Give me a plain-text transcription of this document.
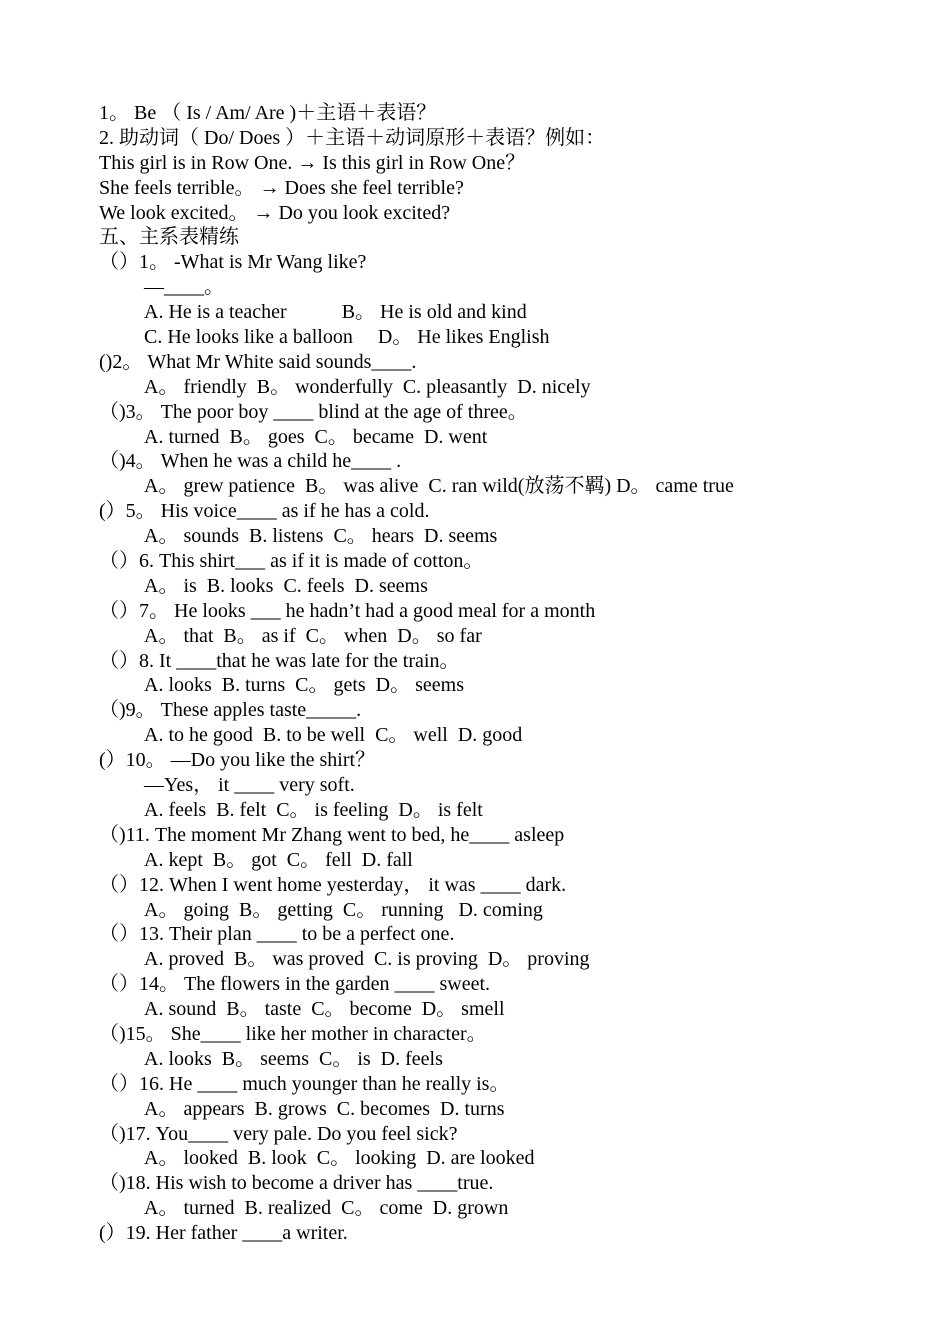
1。 Be （ Is / Am/ Are )＋主语＋表语？
2. 助动词（ Do/ Does ）＋主语＋动词原形＋表语？例如：
This girl is in Row One. → Is this girl in Row One？
She feels terrible。 → Does she feel terrible?
We look excited。 → Do you look excited?
五、主系表精练
（）1。 -What is Mr Wang like?
—____。
A. He is a teacher           B。 He is old and kind
C. He looks like a balloon     D。 He likes English
()2。 What Mr White said sounds____.
A。 friendly  B。 wonderfully  C. pleasantly  D. nicely
（)3。 The poor boy ____ blind at the age of three。
A. turned  B。 goes  C。 became  D. went
（)4。 When he was a child he____ .
A。 grew patience  B。 was alive  C. ran wild(放荡不羁) D。 came true
(）5。 His voice____ as if he has a cold.
A。 sounds  B. listens  C。 hears  D. seems
（）6. This shirt___ as if it is made of cotton。
A。 is  B. looks  C. feels  D. seems
（）7。 He looks ___ he hadn’t had a good meal for a month
A。 that  B。 as if  C。 when  D。 so far
（）8. It ____that he was late for the train。
A. looks  B. turns  C。 gets  D。 seems
（)9。 These apples taste_____.
A. to he good  B. to be well  C。 well  D. good
(）10。 —Do you like the shirt？
—Yes， it ____ very soft.
A. feels  B. felt  C。 is feeling  D。 is felt
（)11. The moment Mr Zhang went to bed, he____ asleep
A. kept  B。 got  C。 fell  D. fall
（）12. When I went home yesterday， it was ____ dark.
A。 going  B。 getting  C。 running   D. coming
（）13. Their plan ____ to be a perfect one.
A. proved  B。 was proved  C. is proving  D。 proving
（）14。 The flowers in the garden ____ sweet.
A. sound  B。 taste  C。 become  D。 smell
（)15。 She____ like her mother in character。
A. looks  B。 seems  C。 is  D. feels
（）16. He ____ much younger than he really is。
A。 appears  B. grows  C. becomes  D. turns
（)17. You____ very pale. Do you feel sick?
A。 looked  B. look  C。 looking  D. are looked
（)18. His wish to become a driver has ____true.
A。 turned  B. realized  C。 come  D. grown
(）19. Her father ____a writer.
